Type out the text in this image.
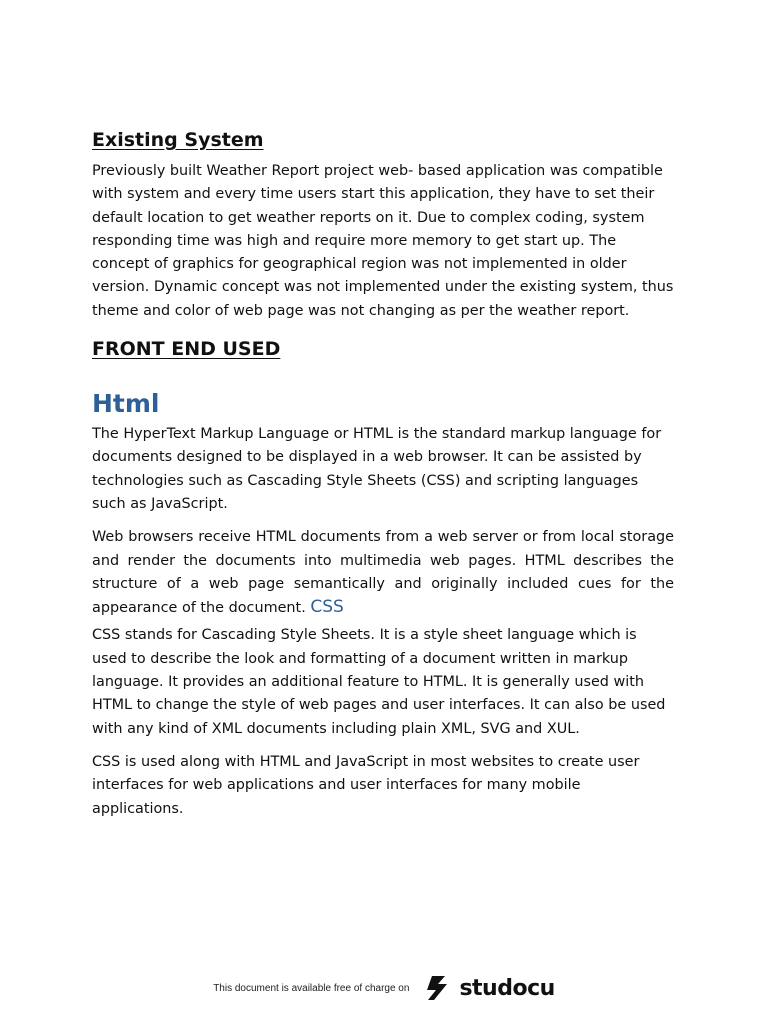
Existing System

Previously built Weather Report project web- based application was compatible with system and every time users start this application, they have to set their default location to get weather reports on it. Due to complex coding, system responding time was high and require more memory to get start up. The concept of graphics for geographical region was not implemented in older version. Dynamic concept was not implemented under the existing system, thus theme and color of web page was not changing as per the weather report.

FRONT END USED
Html

The HyperText Markup Language or HTML is the standard markup language for documents designed to be displayed in a web browser. It can be assisted by technologies such as Cascading Style Sheets (CSS) and scripting languages such as JavaScript.

Web browsers receive HTML documents from a web server or from local storage and render the documents into multimedia web pages. HTML describes the structure of a web page semantically and originally included cues for the appearance of the document. CSS

CSS stands for Cascading Style Sheets. It is a style sheet language which is used to describe the look and formatting of a document written in markup language. It provides an additional feature to HTML. It is generally used with HTML to change the style of web pages and user interfaces. It can also be used with any kind of XML documents including plain XML, SVG and XUL.

CSS is used along with HTML and JavaScript in most websites to create user interfaces for web applications and user interfaces for many mobile applications.

This document is available free of charge on studocu
